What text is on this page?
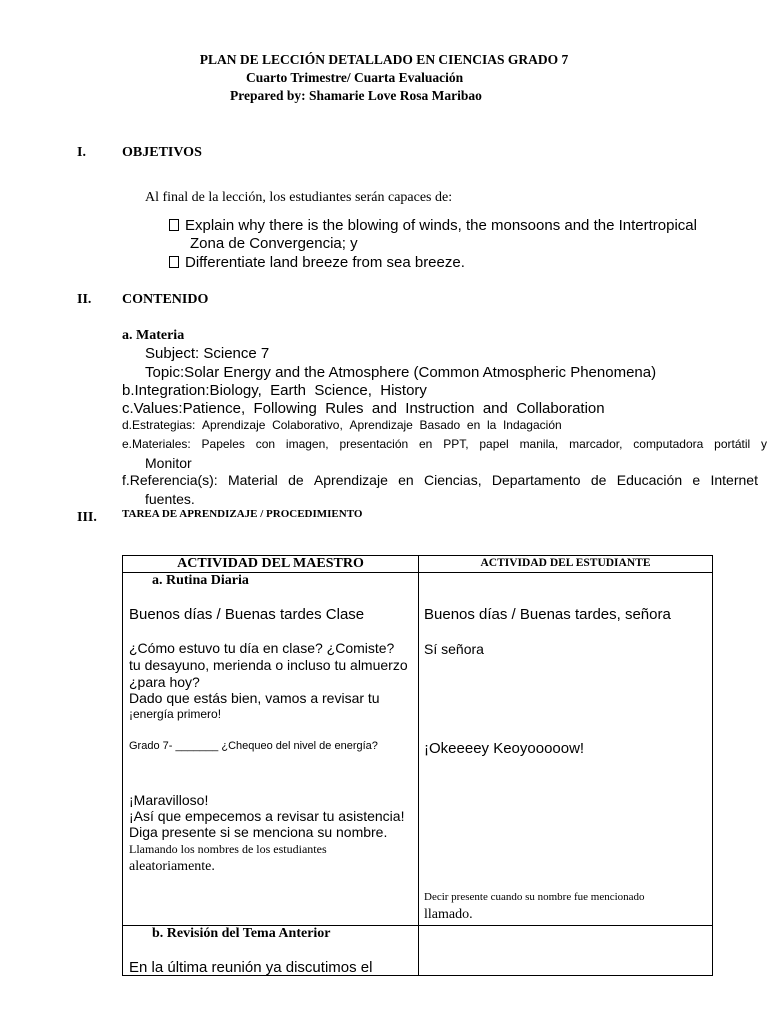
PLAN DE LECCIÓN DETALLADO EN CIENCIAS GRADO 7
Cuarto Trimestre/ Cuarta Evaluación
Prepared by: Shamarie Love Rosa Maribao
I.	OBJETIVOS
Al final de la lección, los estudiantes serán capaces de:
Explain why there is the blowing of winds, the monsoons and the Intertropical
Zona de Convergencia; y
Differentiate land breeze from sea breeze.
II. CONTENIDO
a. Materia
Subject: Science 7
Topic:Solar Energy and the Atmosphere (Common Atmospheric Phenomena)
b.Integration:Biology, Earth Science, History
c.Values:Patience, Following Rules and Instruction and Collaboration
d.Estrategias: Aprendizaje Colaborativo, Aprendizaje Basado en la Indagación
e.Materiales: Papeles con imagen, presentación en PPT, papel manila, marcador, computadora portátil y
Monitor
f.Referencia(s): Material de Aprendizaje en Ciencias, Departamento de Educación e Internet
fuentes.
III. TAREA DE APRENDIZAJE / PROCEDIMIENTO
ACTIVIDAD DEL MAESTRO	ACTIVIDAD DEL ESTUDIANTE
a. Rutina Diaria
Buenos días / Buenas tardes Clase
¿Cómo estuvo tu día en clase? ¿Comiste?
tu desayuno, merienda o incluso tu almuerzo
¿para hoy?
Dado que estás bien, vamos a revisar tu
¡energía primero!
Grado 7- _______ ¿Chequeo del nivel de energía?
¡Maravilloso!
¡Así que empecemos a revisar tu asistencia!
Diga presente si se menciona su nombre.
Llamando los nombres de los estudiantes
aleatoriamente.
Buenos días / Buenas tardes, señora
Sí señora
¡Okeeeey Keoyooooow!
Decir presente cuando su nombre fue mencionado
llamado.
b. Revisión del Tema Anterior
En la última reunión ya discutimos el
